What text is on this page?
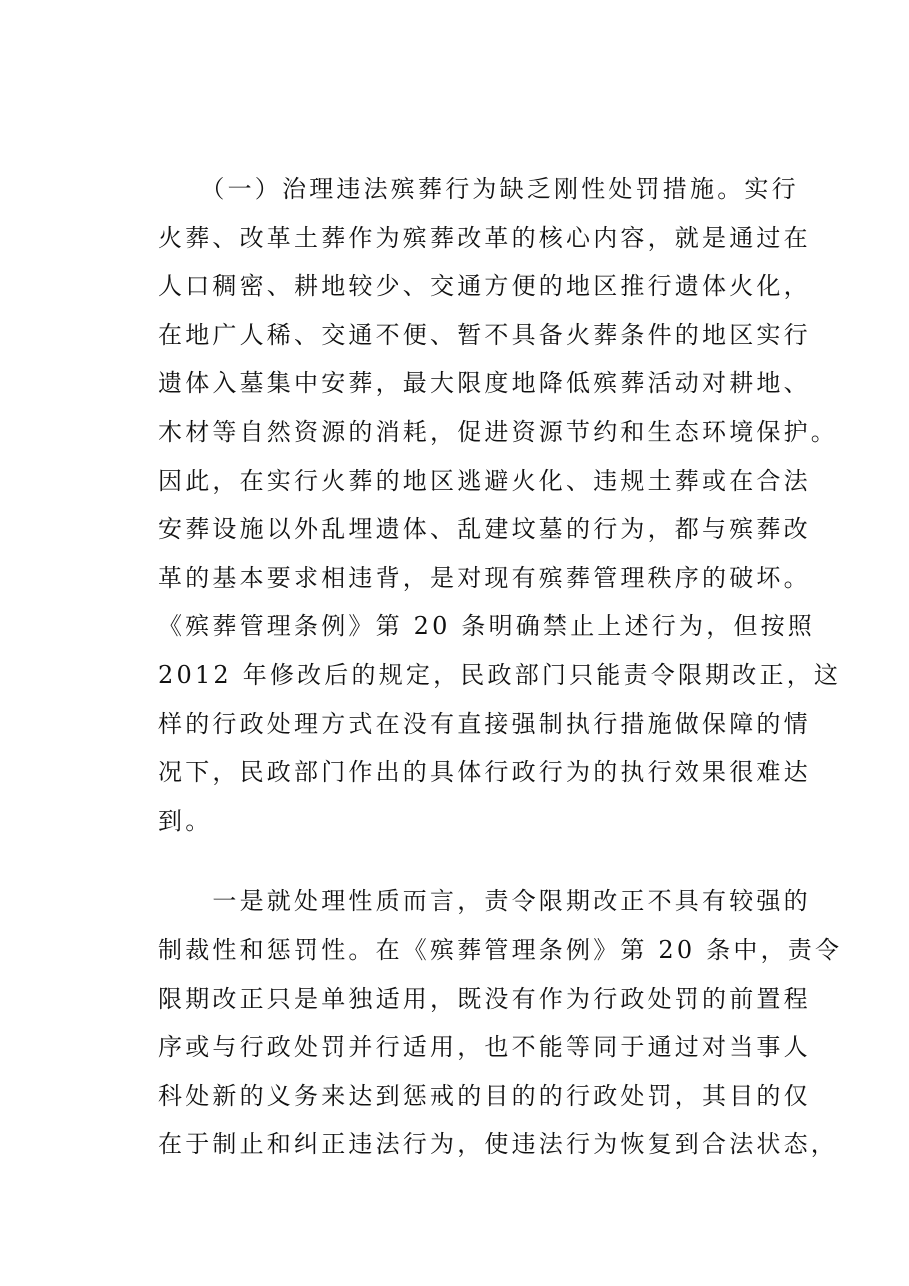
　　（一）治理违法殡葬行为缺乏刚性处罚措施。实行
火葬、改革土葬作为殡葬改革的核心内容，就是通过在
人口稠密、耕地较少、交通方便的地区推行遗体火化，
在地广人稀、交通不便、暂不具备火葬条件的地区实行
遗体入墓集中安葬，最大限度地降低殡葬活动对耕地、
木材等自然资源的消耗，促进资源节约和生态环境保护。
因此，在实行火葬的地区逃避火化、违规土葬或在合法
安葬设施以外乱埋遗体、乱建坟墓的行为，都与殡葬改
革的基本要求相违背，是对现有殡葬管理秩序的破坏。
《殡葬管理条例》第 20 条明确禁止上述行为，但按照
2012 年修改后的规定，民政部门只能责令限期改正，这
样的行政处理方式在没有直接强制执行措施做保障的情
况下，民政部门作出的具体行政行为的执行效果很难达
到。
　　一是就处理性质而言，责令限期改正不具有较强的
制裁性和惩罚性。在《殡葬管理条例》第 20 条中，责令
限期改正只是单独适用，既没有作为行政处罚的前置程
序或与行政处罚并行适用，也不能等同于通过对当事人
科处新的义务来达到惩戒的目的的行政处罚，其目的仅
在于制止和纠正违法行为，使违法行为恢复到合法状态，
